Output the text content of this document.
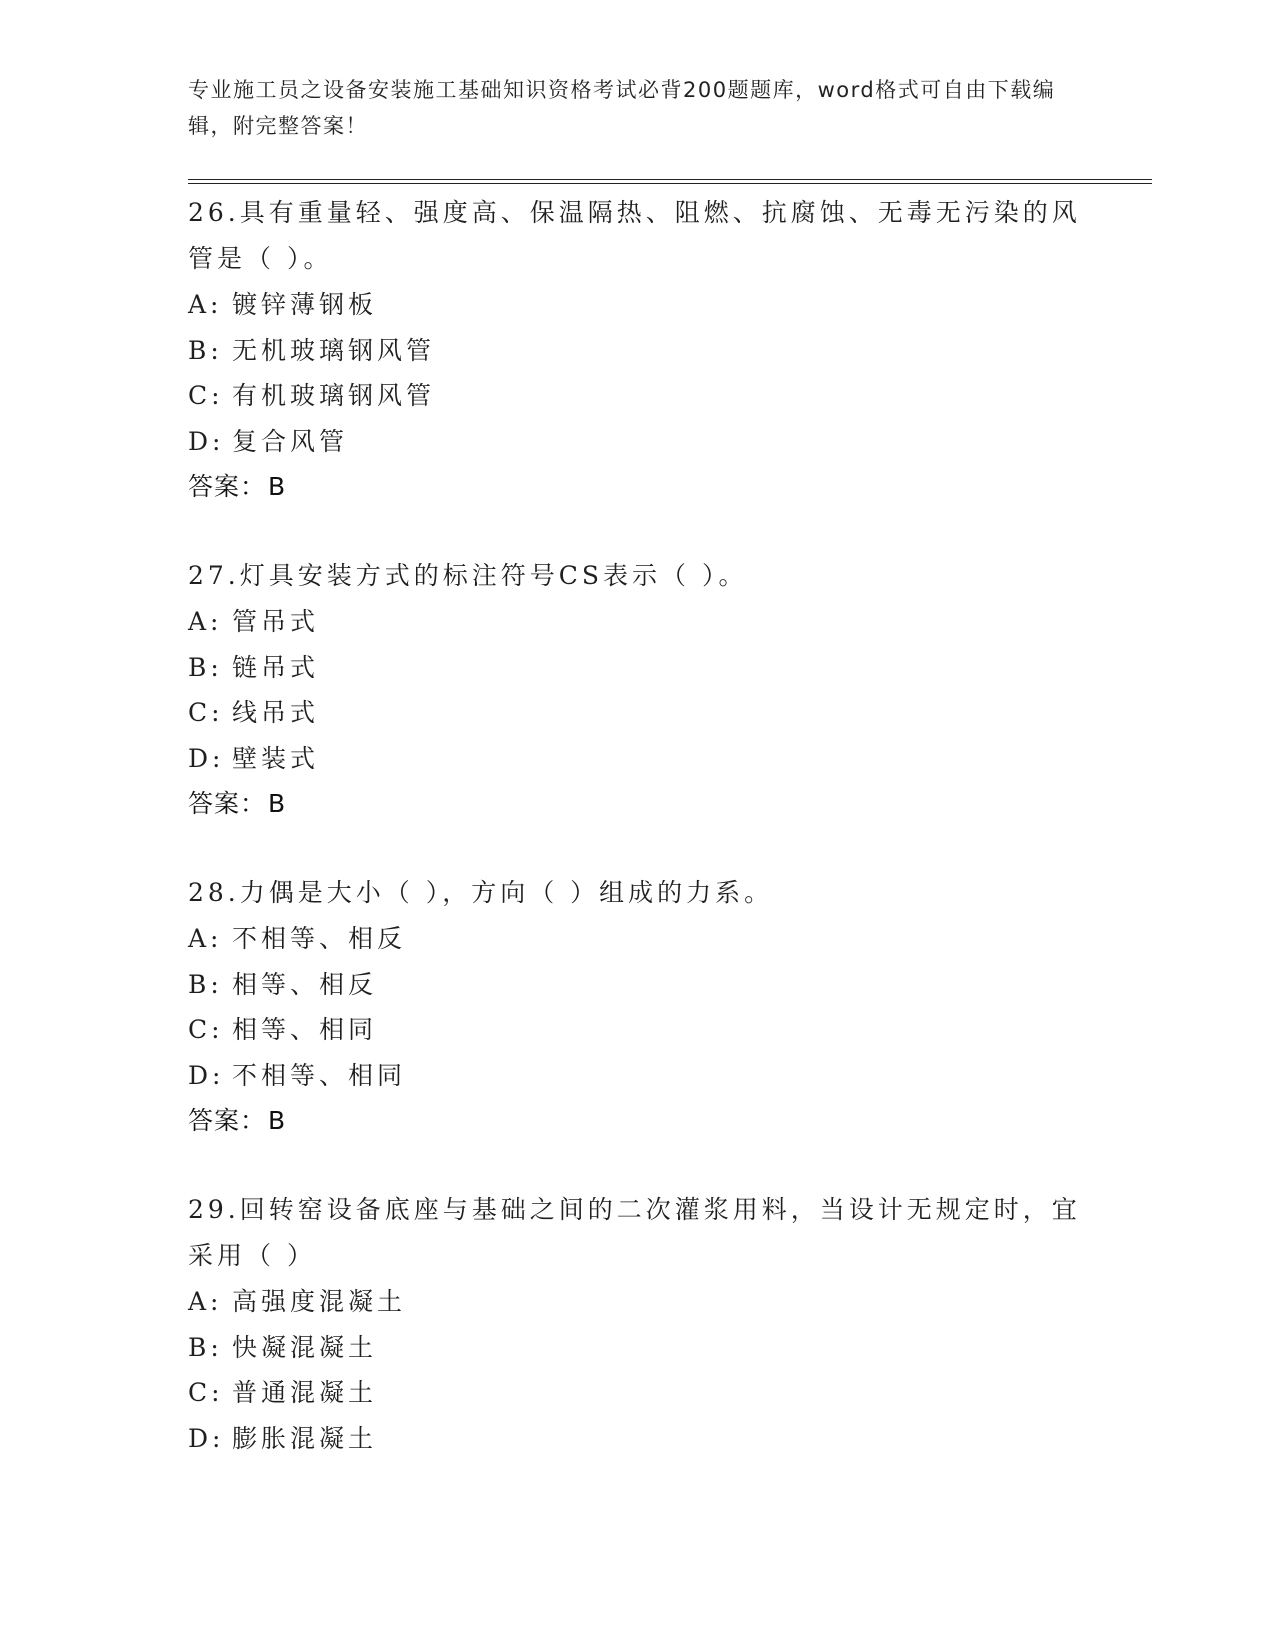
专业施工员之设备安装施工基础知识资格考试必背200题题库，word格式可自由下载编辑，附完整答案！

26.具有重量轻、强度高、保温隔热、阻燃、抗腐蚀、无毒无污染的风管是（ ）。

A: 镀锌薄钢板
B: 无机玻璃钢风管
C: 有机玻璃钢风管
D: 复合风管
答案：B

27.灯具安装方式的标注符号CS表示（ ）。

A: 管吊式
B: 链吊式
C: 线吊式
D: 壁装式
答案：B

28.力偶是大小（ ），方向（ ）组成的力系。

A: 不相等、相反
B: 相等、相反
C: 相等、相同
D: 不相等、相同
答案：B

29.回转窑设备底座与基础之间的二次灌浆用料，当设计无规定时，宜采用（ ）

A: 高强度混凝土
B: 快凝混凝土
C: 普通混凝土
D: 膨胀混凝土
